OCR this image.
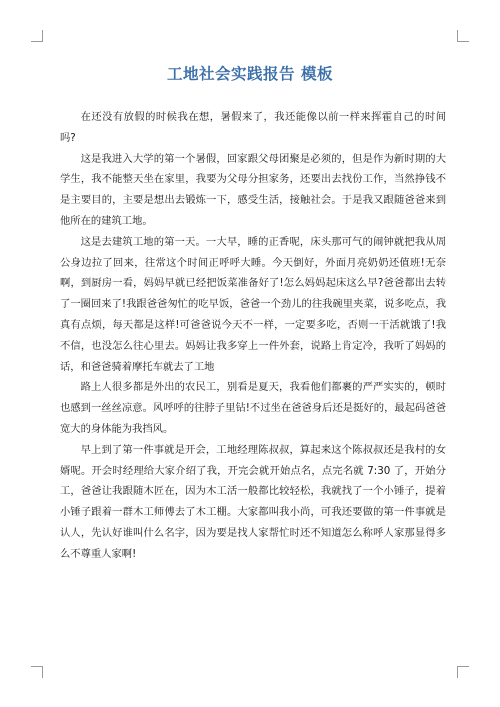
工地社会实践报告 模板

在还没有放假的时候我在想，暑假来了，我还能像以前一样来挥霍自己的时间吗?

这是我进入大学的第一个暑假，回家跟父母团聚是必须的，但是作为新时期的大学生，我不能整天坐在家里，我要为父母分担家务，还要出去找份工作，当然挣钱不是主要目的，主要是想出去锻炼一下，感受生活，接触社会。于是我又跟随爸爸来到他所在的建筑工地。

这是去建筑工地的第一天。一大早，睡的正香呢，床头那可气的闹钟就把我从周公身边拉了回来，往常这个时间正呼呼大睡。今天倒好，外面月亮奶奶还值班!无奈啊，到厨房一看，妈妈早就已经把饭菜准备好了!怎么妈妈起床这么早?爸爸都出去转了一圈回来了!我跟爸爸匆忙的吃早饭，爸爸一个劲儿的往我碗里夹菜，说多吃点，我真有点烦，每天都是这样!可爸爸说今天不一样，一定要多吃，否则一干活就饿了!我不信，也没怎么往心里去。妈妈让我多穿上一件外套，说路上肯定冷，我听了妈妈的话，和爸爸骑着摩托车就去了工地

路上人很多都是外出的农民工，别看是夏天，我看他们都裹的严严实实的，顿时也感到一丝丝凉意。风呼呼的往脖子里钻!不过坐在爸爸身后还是挺好的，最起码爸爸宽大的身体能为我挡风。

早上到了第一件事就是开会，工地经理陈叔叔，算起来这个陈叔叔还是我村的女婿呢。开会时经理给大家介绍了我，开完会就开始点名，点完名就 7:30 了，开始分工，爸爸让我跟随木匠在，因为木工活一般都比较轻松，我就找了一个小锤子，提着小锤子跟着一群木工师傅去了木工棚。大家都叫我小尚，可我还要做的第一件事就是认人，先认好谁叫什么名字，因为要是找人家帮忙时还不知道怎么称呼人家那显得多么不尊重人家啊!
